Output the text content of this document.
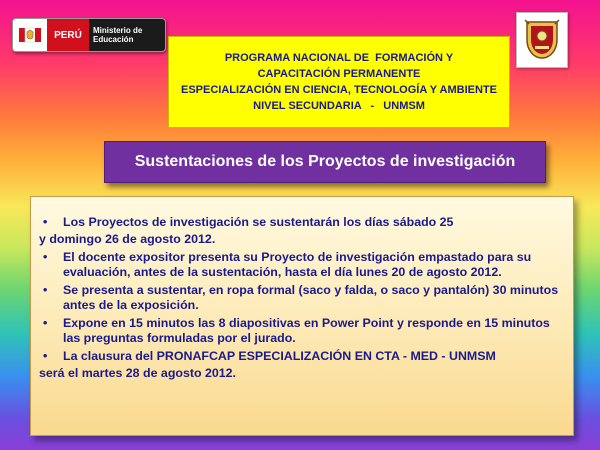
PERÚ	Ministerio de
Educación
PROGRAMA NACIONAL DE  FORMACIÓN Y
CAPACITACIÓN PERMANENTE
ESPECIALIZACIÓN EN CIENCIA, TECNOLOGÍA Y AMBIENTE
NIVEL SECUNDARIA   -   UNMSM
Sustentaciones de los Proyectos de investigación
• Los Proyectos de investigación se sustentarán los días sábado 25
y domingo 26 de agosto 2012.
• El docente expositor presenta su Proyecto de investigación empastado para su evaluación, antes de la sustentación, hasta el día lunes 20 de agosto 2012.
• Se presenta a sustentar, en ropa formal (saco y falda, o saco y pantalón) 30 minutos antes de la exposición.
• Expone en 15 minutos las 8 diapositivas en Power Point y responde en 15 minutos las preguntas formuladas por el jurado.
• La clausura del PRONAFCAP ESPECIALIZACIÓN EN CTA - MED - UNMSM
será el martes 28 de agosto 2012.
